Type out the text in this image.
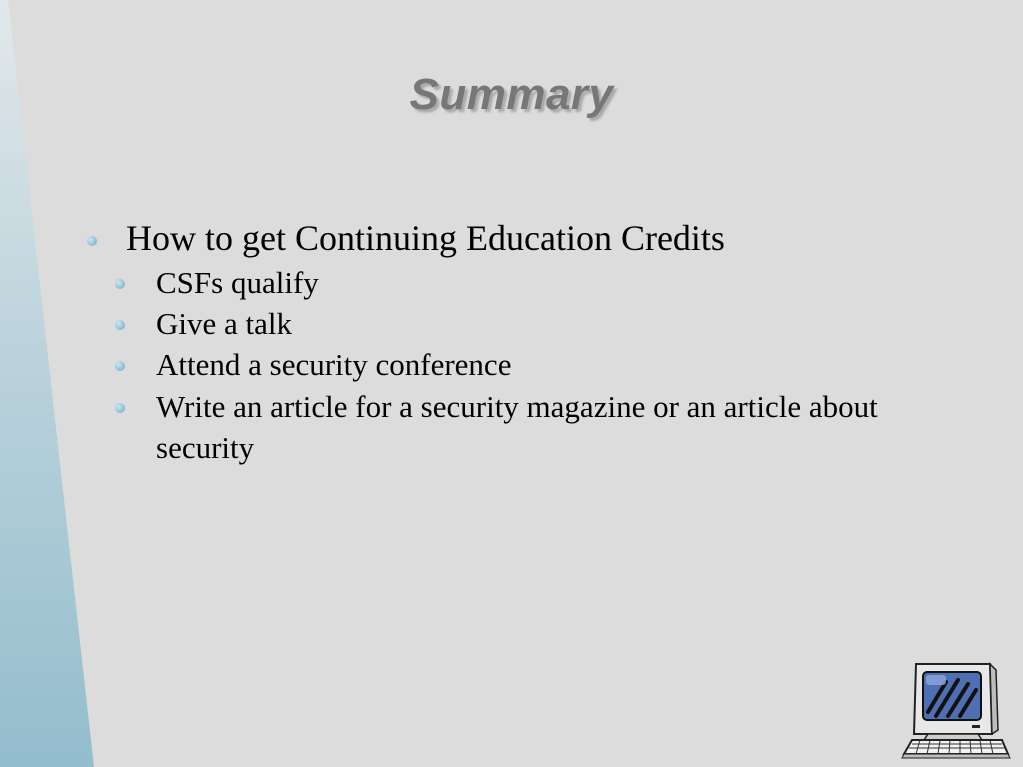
Summary
How to get Continuing Education Credits
CSFs qualify
Give a talk
Attend a security conference
Write an article for a security magazine or an article about security
